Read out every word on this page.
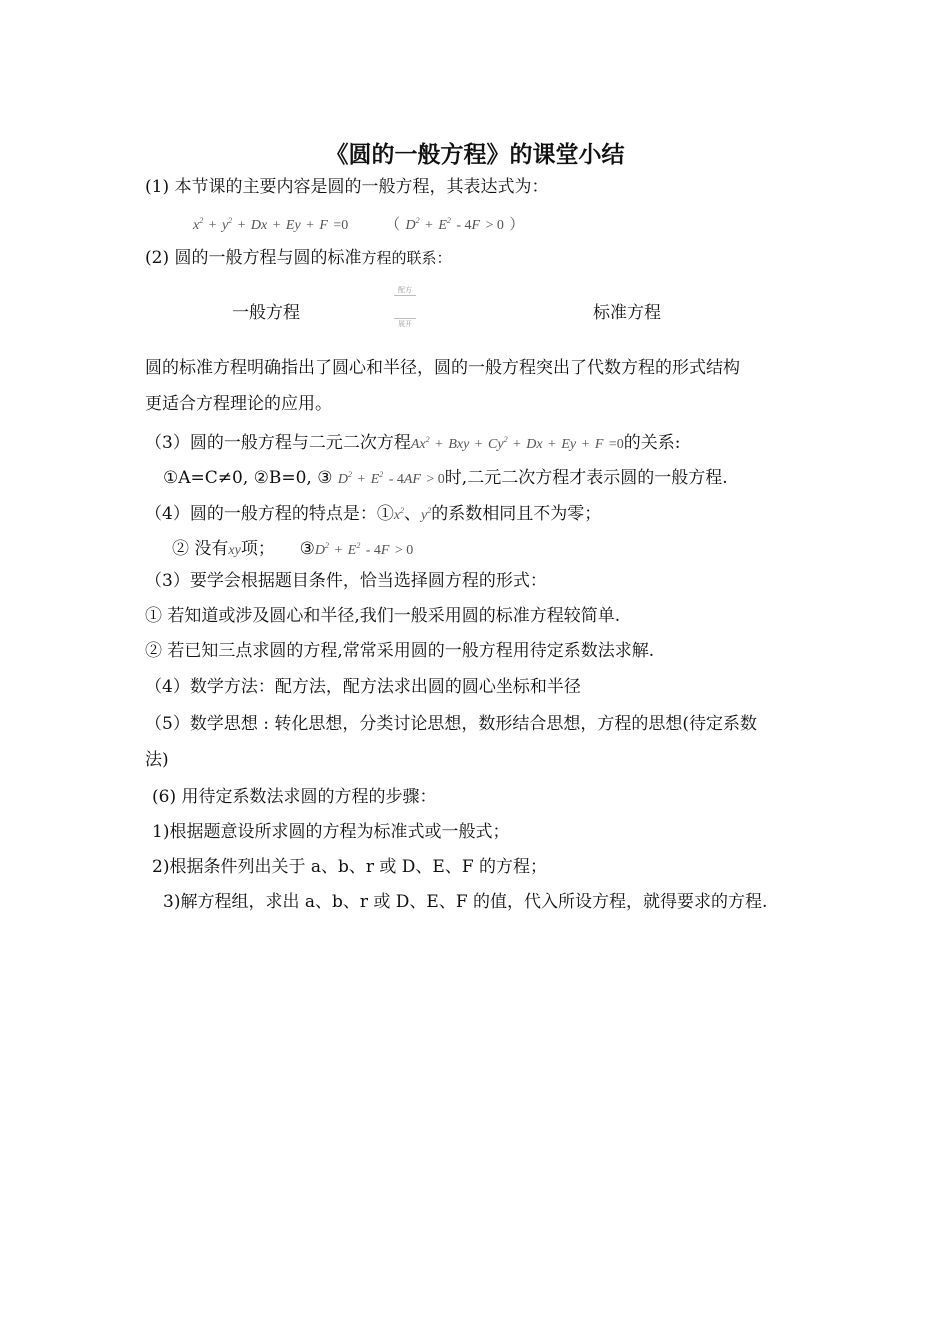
《圆的一般方程》的课堂小结
(1) 本节课的主要内容是圆的一般方程，其表达式为：
$x^2 + y^2 + Dx + Ey + F =0$ （ $D^2 + E^2 - 4F > 0$ ）
(2) 圆的一般方程与圆的标准方程的联系：
一般方程
配方
展开
标准方程
圆的标准方程明确指出了圆心和半径，圆的一般方程突出了代数方程的形式结构
更适合方程理论的应用。
（3）圆的一般方程与二元二次方程$Ax^2$ + Bxy + $Cy^2 + Dx + Ey + F =0$的关系:
①A=C≠0, ②B=0, ③ $D^2 + E^2 - 4AF > 0$时,二元二次方程才表示圆的一般方程.
（4）圆的一般方程的特点是：$①x^2$、$y^2$的系数相同且不为零；
② 没有xy项； $③D^2 + E^2 - 4F > 0$
（3）要学会根据题目条件，恰当选择圆方程的形式：
① 若知道或涉及圆心和半径,我们一般采用圆的标准方程较简单.
② 若已知三点求圆的方程,常常采用圆的一般方程用待定系数法求解.
（4）数学方法：配方法，配方法求出圆的圆心坐标和半径
（5）数学思想 : 转化思想，分类讨论思想，数形结合思想，方程的思想(待定系数
法)
(6) 用待定系数法求圆的方程的步骤：
1)根据题意设所求圆的方程为标准式或一般式；
2)根据条件列出关于 a、b、r 或 D、E、F 的方程；
3)解方程组，求出 a、b、r 或 D、E、F 的值，代入所设方程，就得要求的方程.
